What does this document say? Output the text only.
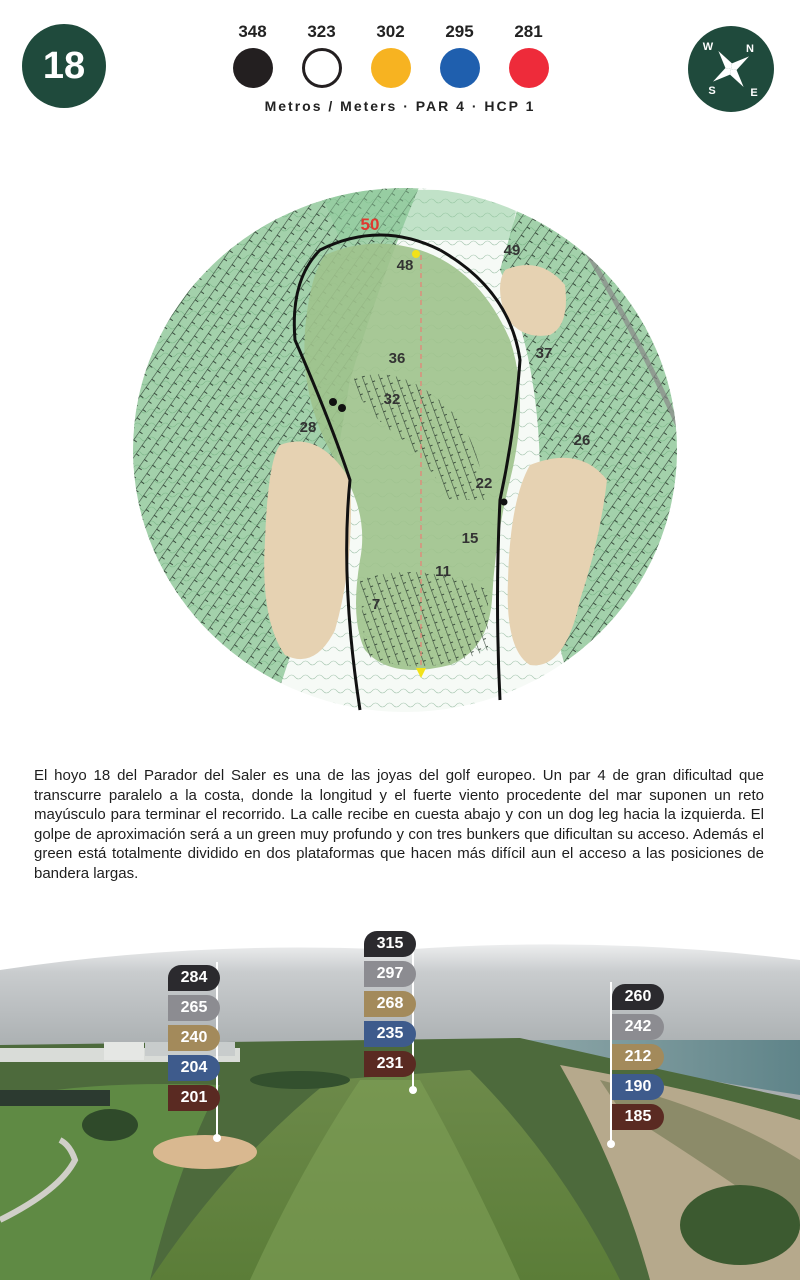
18
348 323 302 295 281
Metros / Meters · PAR 4 · HCP 1
N
E
S
W
50
48
49
37
36
32
28
26
22
15
11
7

El hoyo 18 del Parador del Saler es una de las joyas del golf europeo. Un par 4 de gran dificultad que transcurre paralelo a la costa, donde la longitud y el fuerte viento procedente del mar suponen un reto mayúsculo para terminar el recorrido. La calle recibe en cuesta abajo y con un dog leg hacia la izquierda. El golpe de aproximación será a un green muy profundo y con tres bunkers que dificultan su acceso. Además el green está totalmente dividido en dos plataformas que hacen más difícil aun el acceso a las posiciones de bandera largas.

284
265
240
204
201
315
297
268
235
231
260
242
212
190
185
